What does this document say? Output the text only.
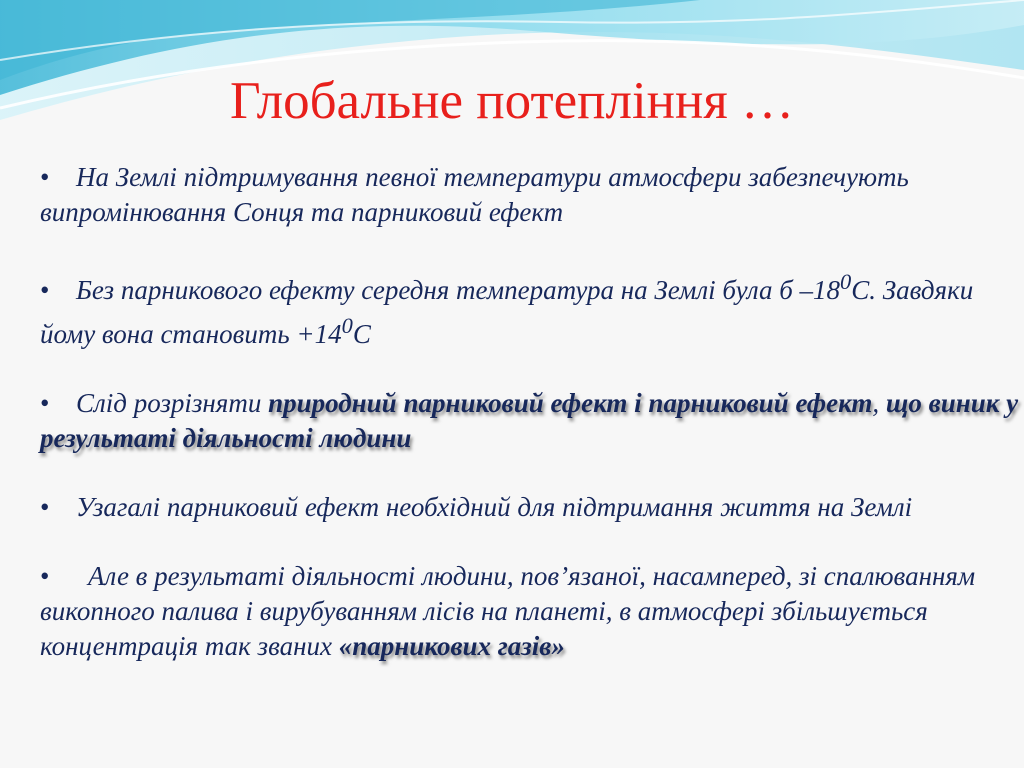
Глобальне потепління …
• На Землі підтримування певної температури атмосфери забезпечують випромінювання Сонця та парниковий ефект
• Без парникового ефекту середня температура на Землі була б $-18^0С$. Завдяки йому вона становить $+14^0С$
• Слід розрізняти природний парниковий ефект і парниковий ефект, що виник у результаті діяльності людини
• Узагалі парниковий ефект необхідний для підтримання життя на Землі
• Але в результаті діяльності людини, пов’язаної, насамперед, зі спалюванням викопного палива і вирубуванням лісів на планеті, в атмосфері збільшується концентрація так званих «парникових газів»
